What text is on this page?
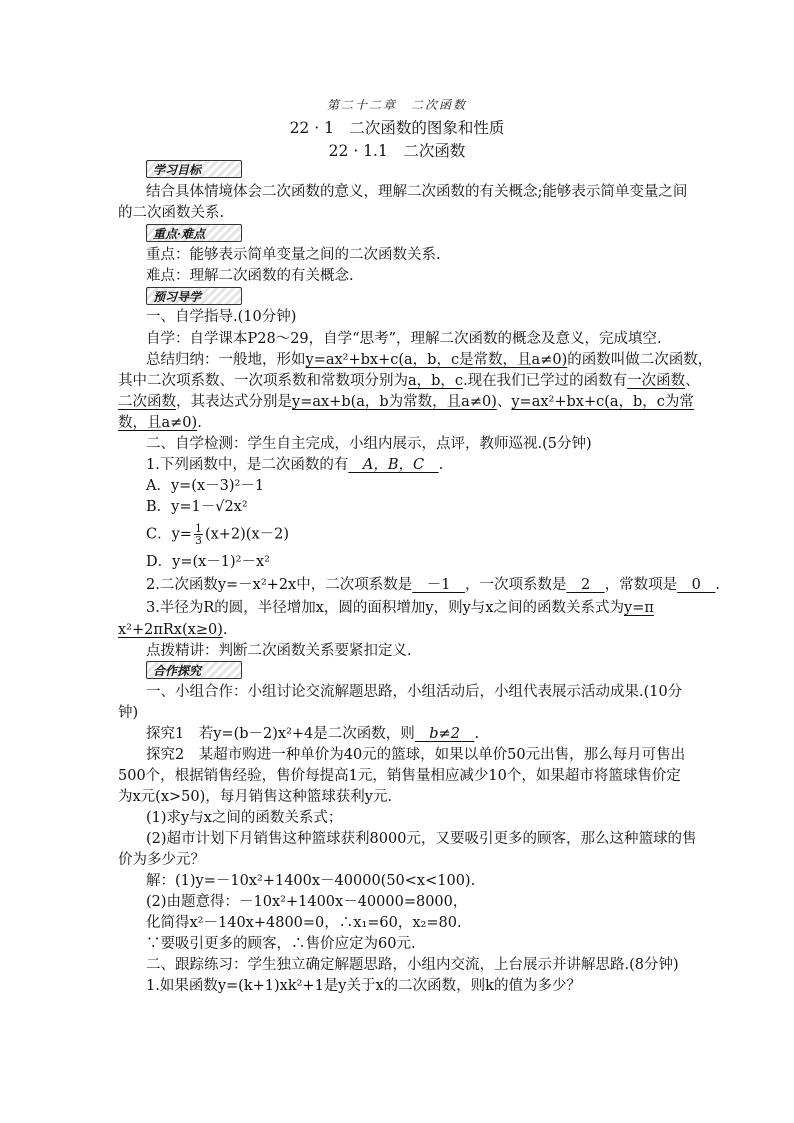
第二十二章　二次函数
22 · 1　二次函数的图象和性质
22 · 1.1　二次函数
学习目标
结合具体情境体会二次函数的意义，理解二次函数的有关概念;能够表示简单变量之间
的二次函数关系.
重点·难点
重点：能够表示简单变量之间的二次函数关系.
难点：理解二次函数的有关概念.
预习导学
一、自学指导.(10分钟)
自学：自学课本P28～29，自学“思考”，理解二次函数的概念及意义，完成填空.
总结归纳：一般地，形如y=ax²+bx+c(a，b，c是常数，且a≠0)的函数叫做二次函数，
其中二次项系数、一次项系数和常数项分别为a，b，c.现在我们已学过的函数有一次函数、
二次函数，其表达式分别是y=ax+b(a，b为常数，且a≠0)、y=ax²+bx+c(a，b，c为常
数，且a≠0).
二、自学检测：学生自主完成，小组内展示，点评，教师巡视.(5分钟)
1.下列函数中，是二次函数的有　A，B，C　.
A．y=(x－3)²－1
B．y=1－√2x²
C．$y= \frac{1}{3} (x+2)(x-2)$
D．y=(x－1)²－x²
2.二次函数y=－x²+2x中，二次项系数是　－1　，一次项系数是　2　，常数项是　0　.
3.半径为R的圆，半径增加x，圆的面积增加y，则y与x之间的函数关系式为y=π
x²+2πRx(x≥0).
点拨精讲：判断二次函数关系要紧扣定义.
合作探究
一、小组合作：小组讨论交流解题思路，小组活动后，小组代表展示活动成果.(10分
钟)
探究1　若y=(b－2)x²+4是二次函数，则　b≠2　.
探究2　某超市购进一种单价为40元的篮球，如果以单价50元出售，那么每月可售出
500个，根据销售经验，售价每提高1元，销售量相应减少10个，如果超市将篮球售价定
为x元(x>50)，每月销售这种篮球获利y元.
(1)求y与x之间的函数关系式；
(2)超市计划下月销售这种篮球获利8000元，又要吸引更多的顾客，那么这种篮球的售
价为多少元？
解：(1)y=－10x²+1400x－40000(50<x<100).
(2)由题意得：－10x²+1400x－40000=8000，
化简得x²－140x+4800=0，∴x₁=60，x₂=80.
∵要吸引更多的顾客，∴售价应定为60元.
二、跟踪练习：学生独立确定解题思路，小组内交流，上台展示并讲解思路.(8分钟)
1.如果函数y=(k+1)xk²+1是y关于x的二次函数，则k的值为多少？
